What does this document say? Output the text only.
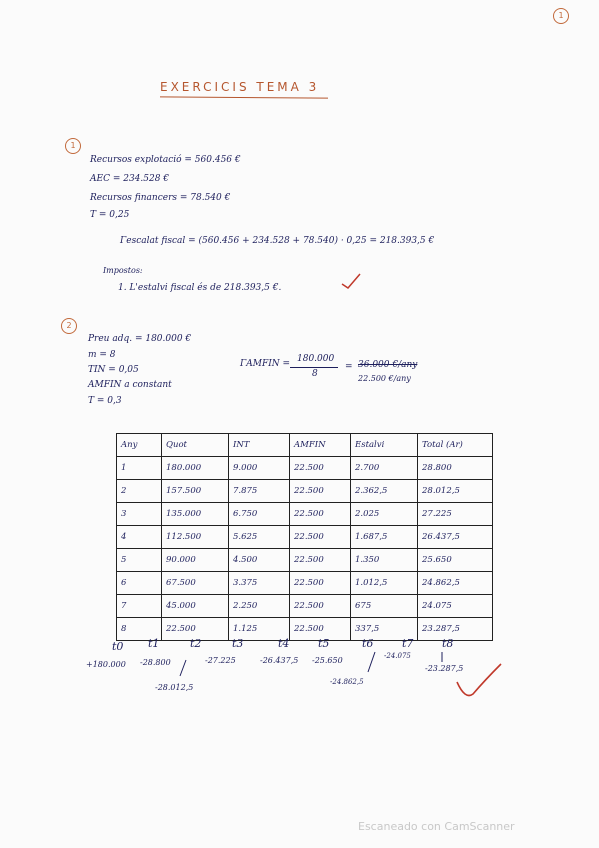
1
EXERCICIS TEMA 3
1
Recursos explotació = 560.456 €
AEC = 234.528 €
Recursos financers = 78.540 €
T = 0,25
Γescalat fiscal = (560.456 + 234.528 + 78.540) · 0,25 = 218.393,5 €
Impostos:
1. L'estalvi fiscal és de 218.393,5 €.
2
Preu adq. = 180.000 €
m = 8
TIN = 0,05
AMFIN a constant
T = 0,3
ΓAMFIN = 180.000
8
= 36.000 €/any
22.500 €/any
Any	Quot	INT	AMFIN	Estalvi	Total (Ar)
1	180.000	9.000	22.500	2.700	28.800
2	157.500	7.875	22.500	2.362,5	28.012,5
3	135.000	6.750	22.500	2.025	27.225
4	112.500	5.625	22.500	1.687,5	26.437,5
5	90.000	4.500	22.500	1.350	25.650
6	67.500	3.375	22.500	1.012,5	24.862,5
7	45.000	2.250	22.500	675	24.075
8	22.500	1.125	22.500	337,5	23.287,5
t0 t1	t2	t3	t4	t5	t6	t7	t8
+180.000 -28.800	-27.225	-26.437,5 -25.650	-24.075
-23.287,5
-28.012,5
-24.862,5
Escaneado con CamScanner
